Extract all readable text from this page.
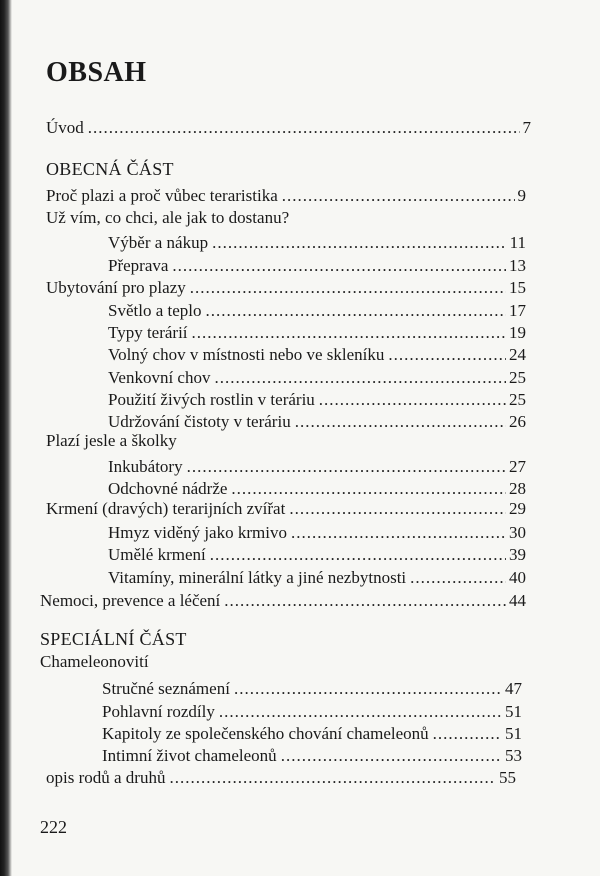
OBSAH
Úvod .....	7
OBECNÁ ČÁST
Proč plazi a proč vůbec teraristika .....	9
Už vím, co chci, ale jak to dostanu?
Výběr a nákup .....	11
Přeprava .....	13
Ubytování pro plazy .....	15
Světlo a teplo .....	17
Typy terárií .....	19
Volný chov v místnosti nebo ve skleníku .....	24
Venkovní chov .....	25
Použití živých rostlin v teráriu .....	25
Udržování čistoty v teráriu .....	26
Plazí jesle a školky
Inkubátory .....	27
Odchovné nádrže .....	28
Krmení (dravých) terarijních zvířat .....	29
Hmyz viděný jako krmivo .....	30
Umělé krmení .....	39
Vitamíny, minerální látky a jiné nezbytnosti .....	40
Nemoci, prevence a léčení .....	44
SPECIÁLNÍ ČÁST
Chameleonovití
Stručné seznámení .....	47
Pohlavní rozdíly .....	51
Kapitoly ze společenského chování chameleonů .....	51
Intimní život chameleonů .....	53
opis rodů a druhů .....	55
222
